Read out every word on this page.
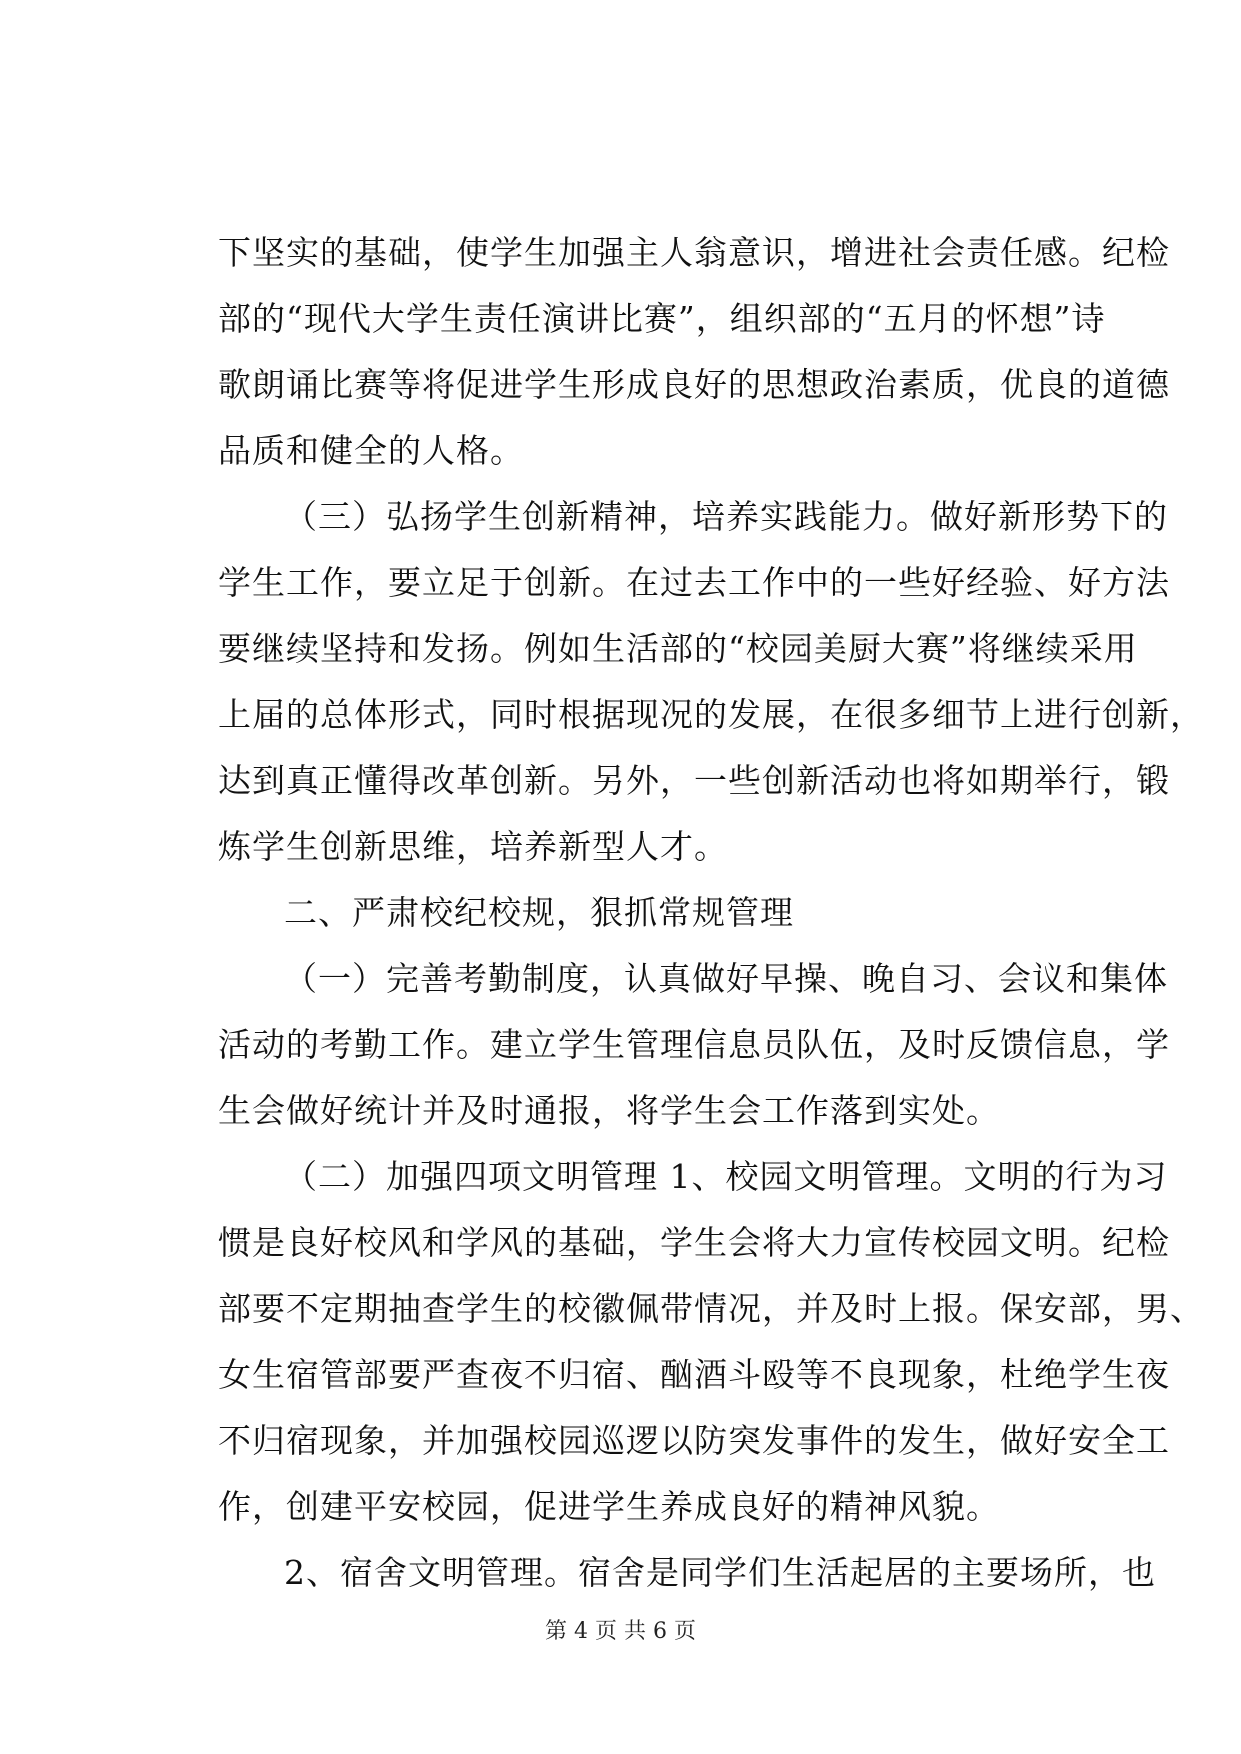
下坚实的基础，使学生加强主人翁意识，增进社会责任感。纪检
部的“现代大学生责任演讲比赛”，组织部的“五月的怀想”诗
歌朗诵比赛等将促进学生形成良好的思想政治素质，优良的道德
品质和健全的人格。
（三）弘扬学生创新精神，培养实践能力。做好新形势下的
学生工作，要立足于创新。在过去工作中的一些好经验、好方法
要继续坚持和发扬。例如生活部的“校园美厨大赛”将继续采用
上届的总体形式，同时根据现况的发展，在很多细节上进行创新，
达到真正懂得改革创新。另外，一些创新活动也将如期举行，锻
炼学生创新思维，培养新型人才。
二、严肃校纪校规，狠抓常规管理
（一）完善考勤制度，认真做好早操、晚自习、会议和集体
活动的考勤工作。建立学生管理信息员队伍，及时反馈信息，学
生会做好统计并及时通报，将学生会工作落到实处。
（二）加强四项文明管理 1、校园文明管理。文明的行为习
惯是良好校风和学风的基础，学生会将大力宣传校园文明。纪检
部要不定期抽查学生的校徽佩带情况，并及时上报。保安部，男、
女生宿管部要严查夜不归宿、酗酒斗殴等不良现象，杜绝学生夜
不归宿现象，并加强校园巡逻以防突发事件的发生，做好安全工
作，创建平安校园，促进学生养成良好的精神风貌。
2、宿舍文明管理。宿舍是同学们生活起居的主要场所，也
第 4 页 共 6 页
